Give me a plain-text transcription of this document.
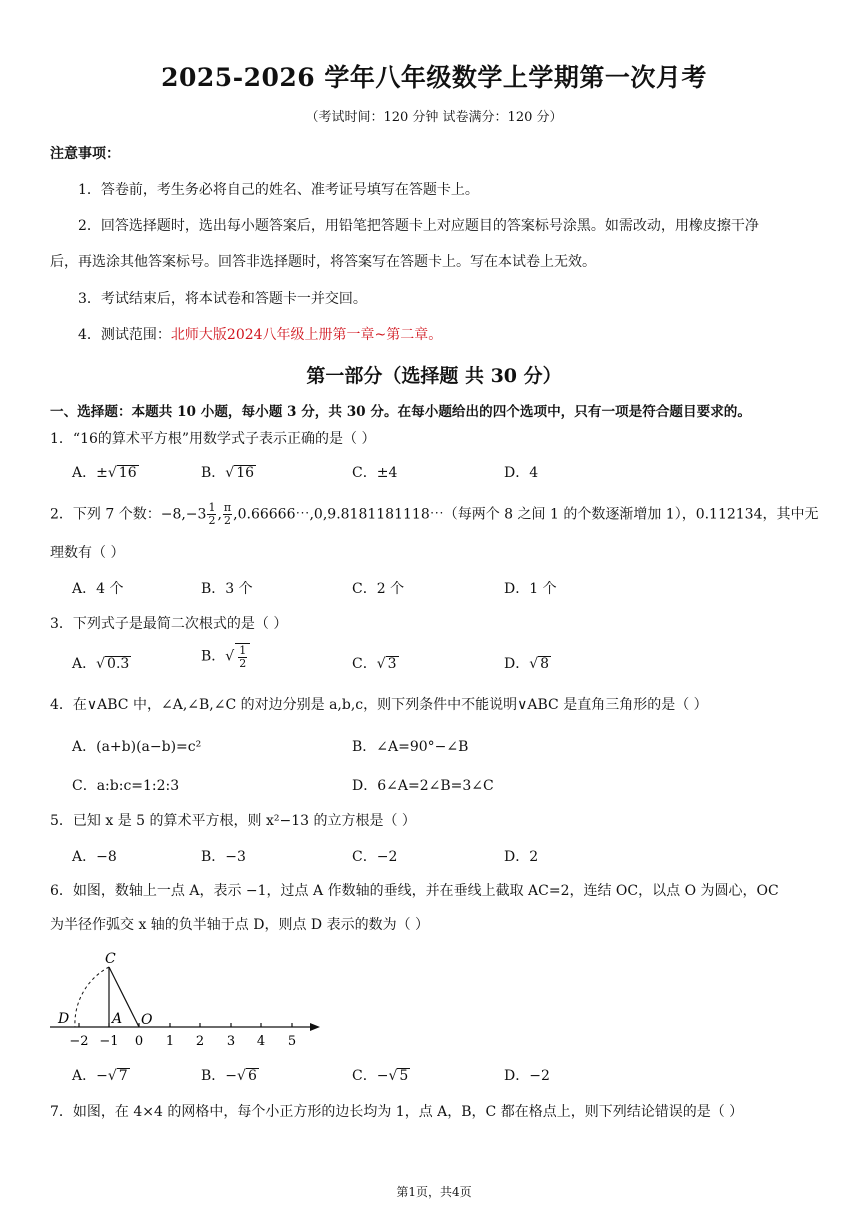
2025-2026 学年八年级数学上学期第一次月考
（考试时间：120 分钟 试卷满分：120 分）
注意事项：
1．答卷前，考生务必将自己的姓名、准考证号填写在答题卡上。
2．回答选择题时，选出每小题答案后，用铅笔把答题卡上对应题目的答案标号涂黑。如需改动，用橡皮擦干净
后，再选涂其他答案标号。回答非选择题时，将答案写在答题卡上。写在本试卷上无效。
3．考试结束后，将本试卷和答题卡一并交回。
4．测试范围：北师大版2024八年级上册第一章~第二章。
第一部分（选择题 共 30 分）
一、选择题：本题共 10 小题，每小题 3 分，共 30 分。在每小题给出的四个选项中，只有一项是符合题目要求的。
1．“16的算术平方根”用数学式子表示正确的是（ ）
A．±√ 16	B．√ 16	C．±4	D．4
2．下列 7 个数：$-8,-3 \frac{1}{2}$ , $\frac{\pi}{2}$ ,0.66666⋯,0,9.8181181118⋯（每两个 8 之间 1 的个数逐渐增加 1），0.112134，其中无
理数有（ ）
A．4 个	B．3 个	C．2 个	D．1 个
3．下列式子是最简二次根式的是（ ）
A．√ 0.3	B．√ $\frac{1}{2}$	C．√ 3	D．√ 8
4．在∨ABC 中，∠A,∠B,∠C 的对边分别是 a,b,c，则下列条件中不能说明∨ABC 是直角三角形的是（ ）
A．(a+b)(a−b)=c²	B．∠A=90°−∠B
C．a:b:c=1:2:3	D．6∠A=2∠B=3∠C
5．已知 x 是 5 的算术平方根，则 x²−13 的立方根是（ ）
A．−8	B．−3	C．−2	D．2
6．如图，数轴上一点 A，表示 −1，过点 A 作数轴的垂线，并在垂线上截取 AC=2，连结 OC，以点 O 为圆心，OC
为半径作弧交 x 轴的负半轴于点 D，则点 D 表示的数为（ ）
C
D	A O
−2 −1 0 1 2 3 4 5
A．−√ 7	B．−√ 6	C．−√ 5	D．−2
7．如图，在 4×4 的网格中，每个小正方形的边长均为 1，点 A，B，C 都在格点上，则下列结论错误的是（ ）
第1页，共4页
